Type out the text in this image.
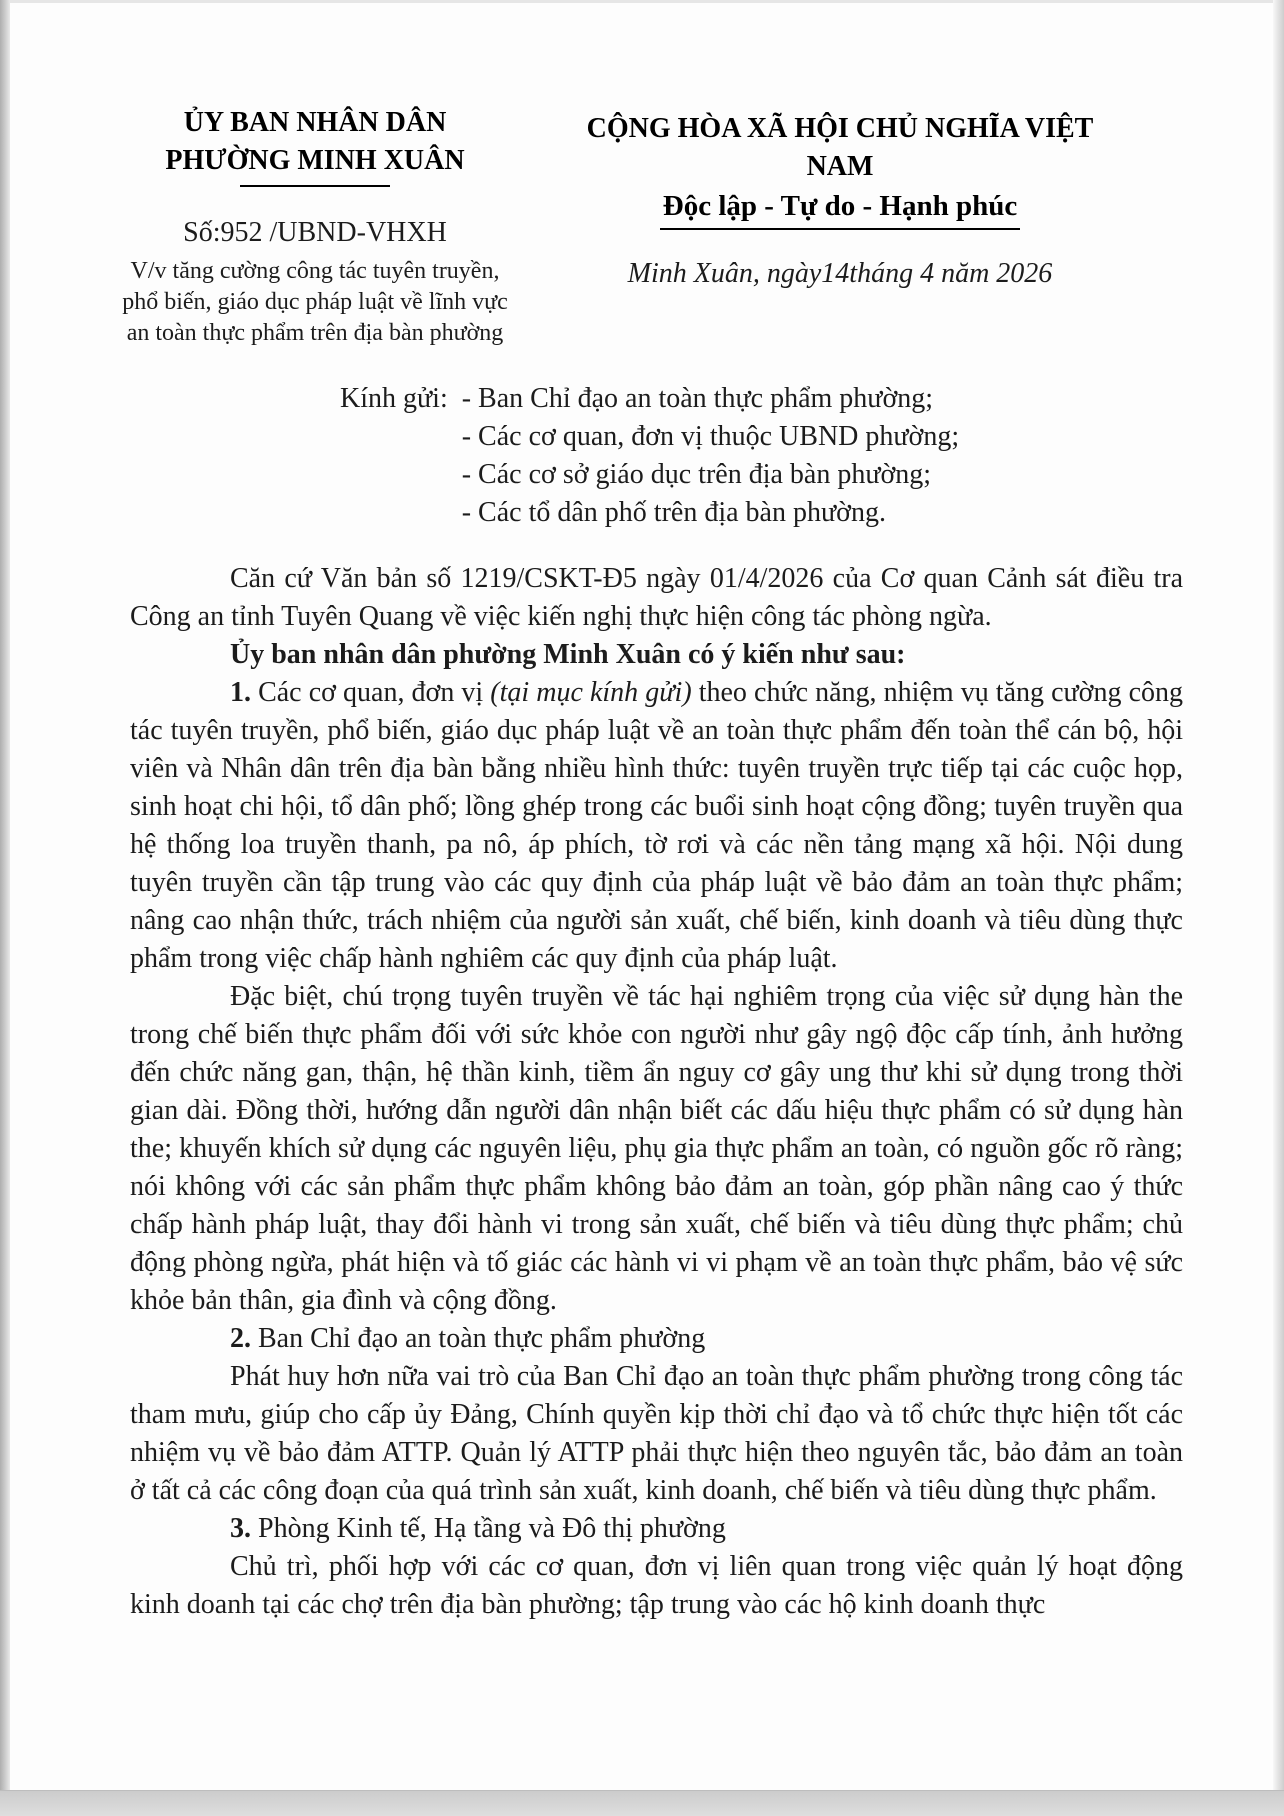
ỦY BAN NHÂN DÂN
PHƯỜNG MINH XUÂN
Số:952 /UBND-VHXH
V/v tăng cường công tác tuyên truyền,
phổ biến, giáo dục pháp luật về lĩnh vực
an toàn thực phẩm trên địa bàn phường
CỘNG HÒA XÃ HỘI CHỦ NGHĨA VIỆT NAM
Độc lập - Tự do - Hạnh phúc
Minh Xuân, ngày14tháng 4 năm 2026
Kính gửi: - Ban Chỉ đạo an toàn thực phẩm phường;
- Các cơ quan, đơn vị thuộc UBND phường;
- Các cơ sở giáo dục trên địa bàn phường;
- Các tổ dân phố trên địa bàn phường.

Căn cứ Văn bản số 1219/CSKT-Đ5 ngày 01/4/2026 của Cơ quan Cảnh sát điều tra Công an tỉnh Tuyên Quang về việc kiến nghị thực hiện công tác phòng ngừa.

Ủy ban nhân dân phường Minh Xuân có ý kiến như sau:

1. Các cơ quan, đơn vị (tại mục kính gửi) theo chức năng, nhiệm vụ tăng cường công tác tuyên truyền, phổ biến, giáo dục pháp luật về an toàn thực phẩm đến toàn thể cán bộ, hội viên và Nhân dân trên địa bàn bằng nhiều hình thức: tuyên truyền trực tiếp tại các cuộc họp, sinh hoạt chi hội, tổ dân phố; lồng ghép trong các buổi sinh hoạt cộng đồng; tuyên truyền qua hệ thống loa truyền thanh, pa nô, áp phích, tờ rơi và các nền tảng mạng xã hội. Nội dung tuyên truyền cần tập trung vào các quy định của pháp luật về bảo đảm an toàn thực phẩm; nâng cao nhận thức, trách nhiệm của người sản xuất, chế biến, kinh doanh và tiêu dùng thực phẩm trong việc chấp hành nghiêm các quy định của pháp luật.

Đặc biệt, chú trọng tuyên truyền về tác hại nghiêm trọng của việc sử dụng hàn the trong chế biến thực phẩm đối với sức khỏe con người như gây ngộ độc cấp tính, ảnh hưởng đến chức năng gan, thận, hệ thần kinh, tiềm ẩn nguy cơ gây ung thư khi sử dụng trong thời gian dài. Đồng thời, hướng dẫn người dân nhận biết các dấu hiệu thực phẩm có sử dụng hàn the; khuyến khích sử dụng các nguyên liệu, phụ gia thực phẩm an toàn, có nguồn gốc rõ ràng; nói không với các sản phẩm thực phẩm không bảo đảm an toàn, góp phần nâng cao ý thức chấp hành pháp luật, thay đổi hành vi trong sản xuất, chế biến và tiêu dùng thực phẩm; chủ động phòng ngừa, phát hiện và tố giác các hành vi vi phạm về an toàn thực phẩm, bảo vệ sức khỏe bản thân, gia đình và cộng đồng.

2. Ban Chỉ đạo an toàn thực phẩm phường

Phát huy hơn nữa vai trò của Ban Chỉ đạo an toàn thực phẩm phường trong công tác tham mưu, giúp cho cấp ủy Đảng, Chính quyền kịp thời chỉ đạo và tổ chức thực hiện tốt các nhiệm vụ về bảo đảm ATTP. Quản lý ATTP phải thực hiện theo nguyên tắc, bảo đảm an toàn ở tất cả các công đoạn của quá trình sản xuất, kinh doanh, chế biến và tiêu dùng thực phẩm.

3. Phòng Kinh tế, Hạ tầng và Đô thị phường

Chủ trì, phối hợp với các cơ quan, đơn vị liên quan trong việc quản lý hoạt động kinh doanh tại các chợ trên địa bàn phường; tập trung vào các hộ kinh doanh thực
